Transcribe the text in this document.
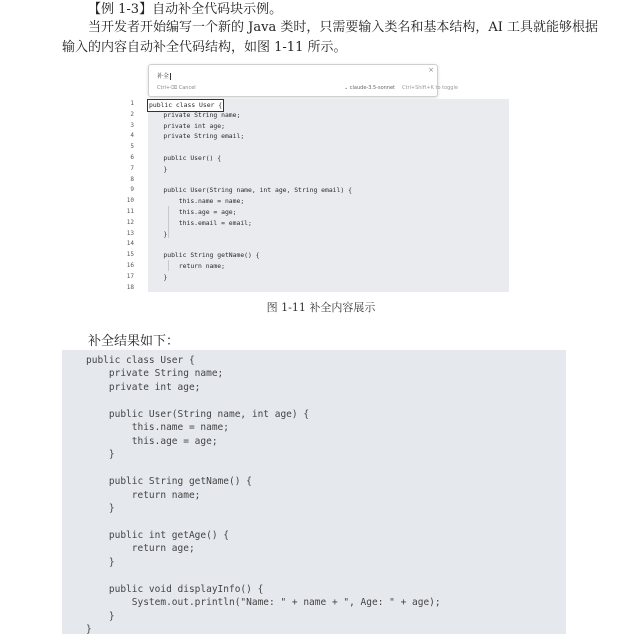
【例 1-3】自动补全代码块示例。
当开发者开始编写一个新的 Java 类时，只需要输入类名和基本结构，AI 工具就能够根据
输入的内容自动补全代码结构，如图 1-11 所示。
补全
Ctrl+⌫ Cancel	⌄ claude-3.5-sonnet Ctrl+Shift+K to toggle
×
1	public class User {
2 private String name;
3 private int age;
4 private String email;
5
6 public User() {
7 }
8
9 public User(String name, int age, String email) {
10 this.name = name;
11 this.age = age;
12 this.email = email;
13 }
14
15 public String getName() {
16 return name;
17 }
18
图 1-11 补全内容展示
补全结果如下：
public class User {
private String name;
private int age;
public User(String name, int age) {
this.name = name;
this.age = age;
}
public String getName() {
return name;
}
public int getAge() {
return age;
}
public void displayInfo() {
System.out.println("Name: " + name + ", Age: " + age);
}
}
